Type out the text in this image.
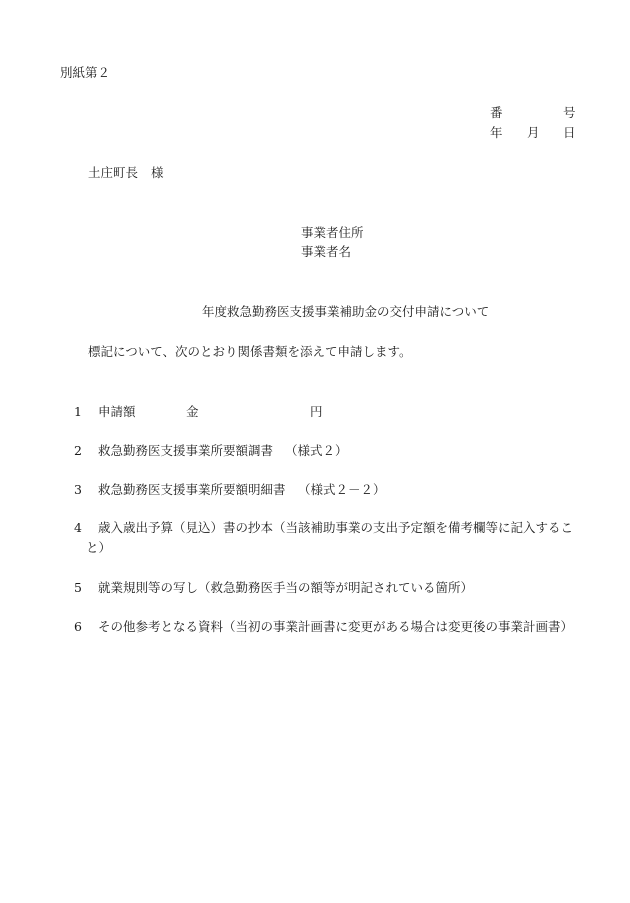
別紙第２
番	号
年 月 日
土庄町長 様
事業者住所
事業者名
年度救急勤務医支援事業補助金の交付申請について
標記について、次のとおり関係書類を添えて申請します。
1 申請額	金	円
2 救急勤務医支援事業所要額調書 （様式２）
3 救急勤務医支援事業所要額明細書 （様式２－２）
4 歳入歳出予算（見込）書の抄本（当該補助事業の支出予定額を備考欄等に記入するこ
と）
5 就業規則等の写し（救急勤務医手当の額等が明記されている箇所）
6 その他参考となる資料（当初の事業計画書に変更がある場合は変更後の事業計画書）
